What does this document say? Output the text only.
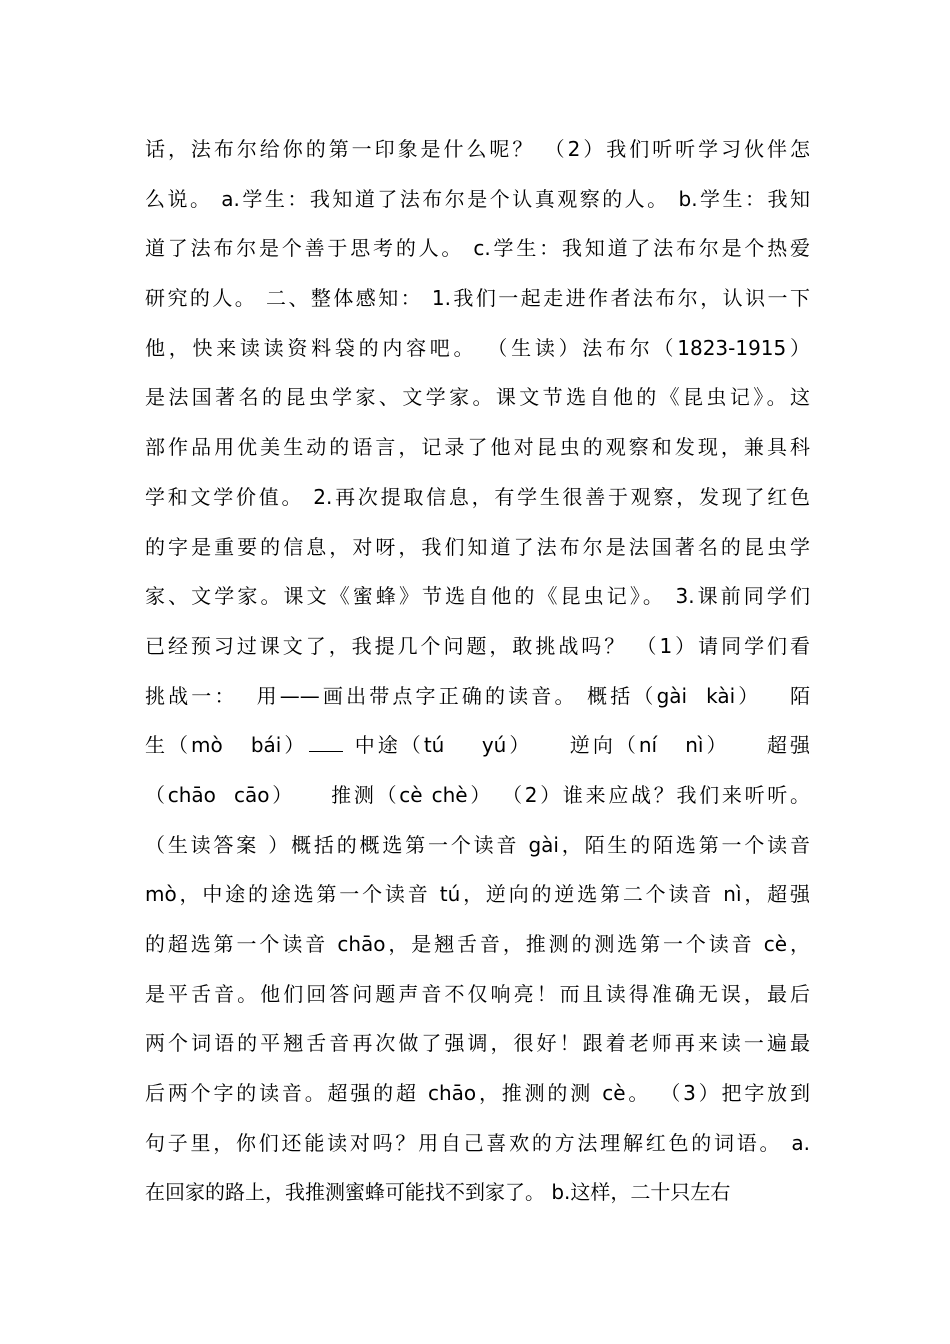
话，法布尔给你的第一印象是什么呢？ （2）我们听听学习伙伴怎
么说。 a.学生：我知道了法布尔是个认真观察的人。 b.学生：我知
道了法布尔是个善于思考的人。 c.学生：我知道了法布尔是个热爱
研究的人。 二、整体感知： 1.我们一起走进作者法布尔，认识一下
他，快来读读资料袋的内容吧。 （生读）法布尔（1823-1915）
是法国著名的昆虫学家、文学家。课文节选自他的《昆虫记》。这
部作品用优美生动的语言，记录了他对昆虫的观察和发现，兼具科
学和文学价值。 2.再次提取信息，有学生很善于观察，发现了红色
的字是重要的信息，对呀，我们知道了法布尔是法国著名的昆虫学
家、文学家。课文《蜜蜂》节选自他的《昆虫记》。 3.课前同学们
已经预习过课文了，我提几个问题，敢挑战吗？ （1）请同学们看
挑战一：  用——画出带点字正确的读音。 概括（gài  kài）   陌
生（mò   bái） 中途（tú    yú）    逆向（ní   nì）    超强
（chāo  cāo）    推测（cè chè） （2）谁来应战？我们来听听。
（生读答案 ）概括的概选第一个读音 gài，陌生的陌选第一个读音
mò，中途的途选第一个读音 tú，逆向的逆选第二个读音 nì，超强
的超选第一个读音 chāo，是翘舌音，推测的测选第一个读音 cè，
是平舌音。他们回答问题声音不仅响亮！而且读得准确无误，最后
两个词语的平翘舌音再次做了强调，很好！跟着老师再来读一遍最
后两个字的读音。超强的超 chāo，推测的测 cè。 （3）把字放到
句子里，你们还能读对吗？用自己喜欢的方法理解红色的词语。 a.
在回家的路上，我推测蜜蜂可能找不到家了。 b.这样，二十只左右
